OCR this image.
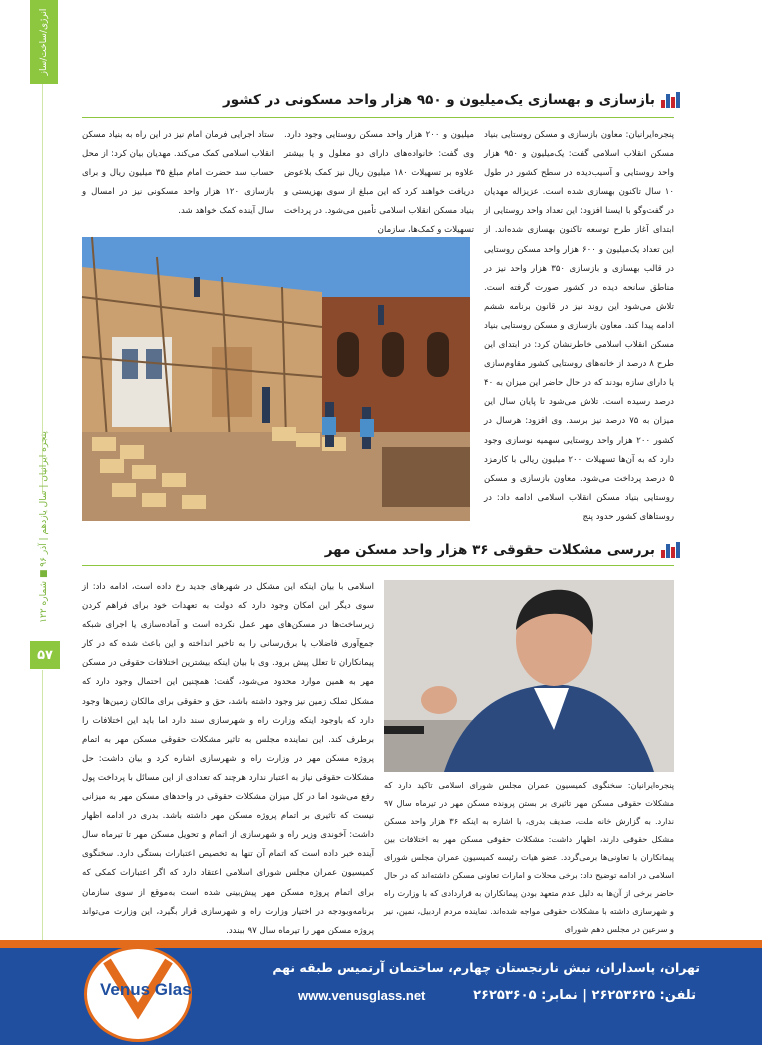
انرژی/ساخت/ساز
پنجره ایرانیان | سال یازدهم | آذر ۹۶ ■ شماره ۱۲۲
۵۷
بازسازی و بهسازی یک‌میلیون و ۹۵۰ هزار واحد مسکونی در کشور

پنجره‌ایرانیان: معاون بازسازی و مسکن روستایی بنیاد مسکن انقلاب اسلامی گفت: یک‌میلیون و ۹۵۰ هزار واحد روستایی و آسیب‌دیده در سطح کشور در طول ۱۰ سال تاکنون بهسازی شده است. عزیزاله مهدیان در گفت‌وگو با ایسنا افزود: این تعداد واحد روستایی از ابتدای آغاز طرح توسعه تاکنون بهسازی شده‌اند. از این تعداد یک‌میلیون و ۶۰۰ هزار واحد مسکن روستایی در قالب بهسازی و بازسازی ۳۵۰ هزار واحد نیز در مناطق سانحه دیده در کشور صورت گرفته است. تلاش می‌شود این روند نیز در قانون برنامه ششم ادامه پیدا کند. معاون بازسازی و مسکن روستایی بنیاد مسکن انقلاب اسلامی خاطرنشان کرد: در ابتدای این طرح ۸ درصد از خانه‌های روستایی کشور مقاوم‌سازی یا دارای سازه بودند که در حال حاضر این میزان به ۴۰ درصد رسیده است. تلاش می‌شود تا پایان سال این میزان به ۷۵ درصد نیز برسد. وی افزود: هرسال در کشور ۲۰۰ هزار واحد روستایی سهمیه نوسازی وجود دارد که به آن‌ها تسهیلات ۲۰۰ میلیون ریالی با کارمزد ۵ درصد پرداخت می‌شود. معاون بازسازی و مسکن روستایی بنیاد مسکن انقلاب اسلامی ادامه داد: در روستاهای کشور حدود پنج

میلیون و ۲۰۰ هزار واحد مسکن روستایی وجود دارد. وی گفت: خانواده‌های دارای دو معلول و یا بیشتر علاوه بر تسهیلات ۱۸۰ میلیون ریال نیز کمک بلاعوض دریافت خواهند کرد که این مبلغ از سوی بهزیستی و بنیاد مسکن انقلاب اسلامی تأمین می‌شود. در پرداخت تسهیلات و کمک‌ها، سازمان

ستاد اجرایی فرمان امام نیز در این راه به بنیاد مسکن انقلاب اسلامی کمک می‌کند. مهدیان بیان کرد: از محل حساب سد حضرت امام مبلغ ۳۵ میلیون ریال و برای بازسازی ۱۲۰ هزار واحد مسکونی نیز در امسال و سال آینده کمک خواهد شد.

بررسی مشکلات حقوقی ۳۶ هزار واحد مسکن مهر

اسلامی با بیان اینکه این مشکل در شهرهای جدید رخ داده است، ادامه داد: از سوی دیگر این امکان وجود دارد که دولت به تعهدات خود برای فراهم کردن زیرساخت‌ها در مسکن‌های مهر عمل نکرده است و آماده‌سازی یا اجرای شبکه جمع‌آوری فاضلاب یا برق‌رسانی را به تاخیر انداخته و این باعث شده که در کار پیمانکاران تا تعلل پیش برود. وی با بیان اینکه بیشترین اختلافات حقوقی در مسکن مهر به همین موارد محدود می‌شود، گفت: همچنین این احتمال وجود دارد که مشکل تملک زمین نیز وجود داشته باشد، حق و حقوقی برای مالکان زمین‌ها وجود دارد که باوجود اینکه وزارت راه و شهرسازی سند دارد اما باید این اختلافات را برطرف کند. این نماینده مجلس به تاثیر مشکلات حقوقی مسکن مهر به اتمام پروژه مسکن مهر در وزارت راه و شهرسازی اشاره کرد و بیان داشت: حل مشکلات حقوقی نیاز به اعتبار ندارد هرچند که تعدادی از این مسائل با پرداخت پول رفع می‌شود اما در کل میزان مشکلات حقوقی در واحدهای مسکن مهر به میزانی نیست که تاثیری بر اتمام پروژه مسکن مهر داشته باشد. بدری در ادامه اظهار داشت: آخوندی وزیر راه و شهرسازی از اتمام و تحویل مسکن مهر تا تیرماه سال آینده خبر داده است که اتمام آن تنها به تخصیص اعتبارات بستگی دارد. سخنگوی کمیسیون عمران مجلس شورای اسلامی اعتقاد دارد که اگر اعتبارات کمکی که برای اتمام پروژه مسکن مهر پیش‌بینی شده است به‌موقع از سوی سازمان برنامه‌وبودجه در اختیار وزارت راه و شهرسازی قرار بگیرد، این وزارت می‌تواند پروژه مسکن مهر را تیرماه سال ۹۷ ببندد.

پنجره‌ایرانیان: سخنگوی کمیسیون عمران مجلس شورای اسلامی تاکید دارد که مشکلات حقوقی مسکن مهر تاثیری بر بستن پرونده مسکن مهر در تیرماه سال ۹۷ ندارد. به گزارش خانه ملت، صدیف بدری، با اشاره به اینکه ۳۶ هزار واحد مسکن مشکل حقوقی دارند، اظهار داشت: مشکلات حقوقی مسکن مهر به اختلافات بین پیمانکاران با تعاونی‌ها برمی‌گردد. عضو هیات رئیسه کمیسیون عمران مجلس شورای اسلامی در ادامه توضیح داد: برخی محلات و امارات تعاونی مسکن داشته‌اند که در حال حاضر برخی از آن‌ها به دلیل عدم متعهد بودن پیمانکاران به قراردادی که با وزارت راه و شهرسازی داشته با مشکلات حقوقی مواجه شده‌اند. نماینده مردم اردبیل، نمین، نیر و سرعین در مجلس دهم شورای

Venus Glass
تهران، پاسداران، نبش نارنجستان چهارم، ساختمان آرتمیس طبقه نهم
تلفن: ۲۶۲۵۳۶۲۵ | نمابر: ۲۶۲۵۳۶۰۵
www.venusglass.net
